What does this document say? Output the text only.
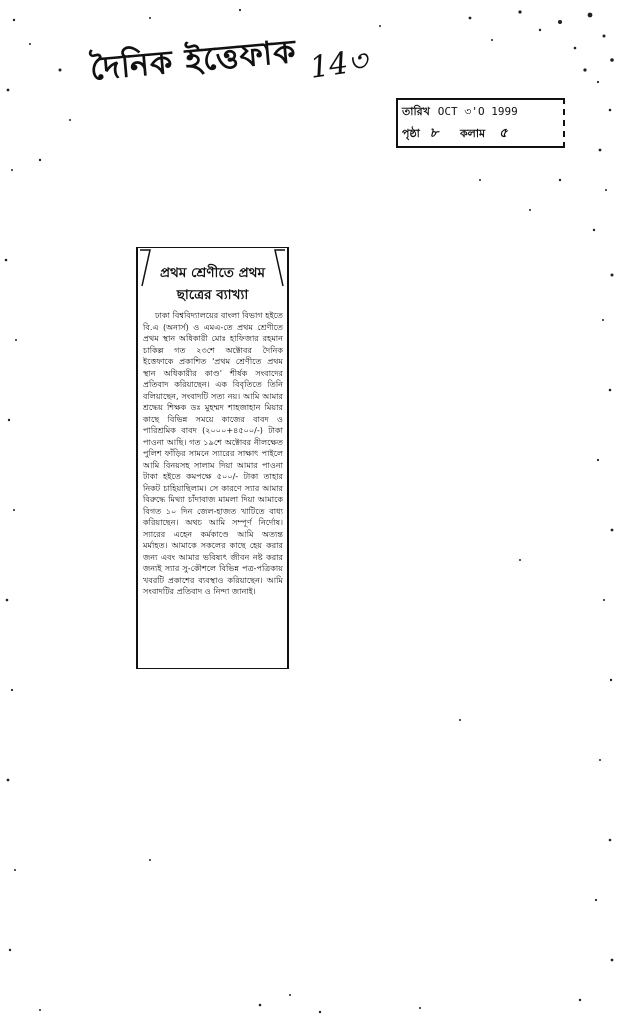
দৈনিক ইত্তেফাক 14৩
তারিখ OCT ৩'O 1999
পৃষ্ঠা ৮ কলাম ৫
প্রথম শ্রেণীতে প্রথম
ছাত্রের ব্যাখ্যা
ঢাকা বিশ্ববিদ্যালয়ের বাংলা বিভাগ হইতে বি.এ (অনার্স) ও এমএ-তে প্রথম শ্রেণীতে প্রথম স্থান অধিকারী মোঃ হাফিজার রহমান চাকিল্ল গত ২৩শে অক্টোবর দৈনিক ইত্তেফাকে প্রকাশিত 'প্রথম শ্রেণীতে প্রথম স্থান অধিকারীর কাণ্ড' শীর্ষক সংবাদের প্রতিবাদ করিয়াছেন। এক বিবৃতিতে তিনি বলিয়াছেন, সংবাদটি সত্য নয়। আমি আমার শ্রদ্ধেয় শিক্ষক ডঃ মুহম্মদ শাহজাহান মিয়ার কাছে বিভিন্ন সময়ে কাজের বাবদ ও পারিশ্রমিক বাবদ (২০০০+৪৫০০/-) টাকা পাওনা আছি। গত ১৯শে অক্টোবর নীলক্ষেত পুলিশ ফাঁড়ির সামনে স্যারের সাক্ষাৎ পাইলে আমি বিনয়সহ সালাম দিয়া আমার পাওনা টাকা হইতে কমপক্ষে ৫০০/- টাকা তাহার নিকট চাহিয়াছিলাম। সে কারণে স্যার আমার বিরুদ্ধে মিথ্যা চাঁদাবাজ মামলা দিয়া আমাকে বিগত ১০ দিন জেল-হাজত খাটিতে বাধ্য করিয়াছেন। অথচ আমি সম্পূর্ণ নির্দোষ। স্যারের এহেন কর্মকাণ্ডে আমি অত্যন্ত মর্মাহত। আমাকে সকলের কাছে হেয় করার জন্য এবং আমার ভবিষ্যৎ জীবন নষ্ট করার জন্যই স্যার সু-কৌশলে বিভিন্ন পত্র-পত্রিকায় খবরটি প্রকাশের ব্যবস্থাও করিয়াছেন। আমি সংবাদটির প্রতিবাদ ও নিন্দা জানাই।
